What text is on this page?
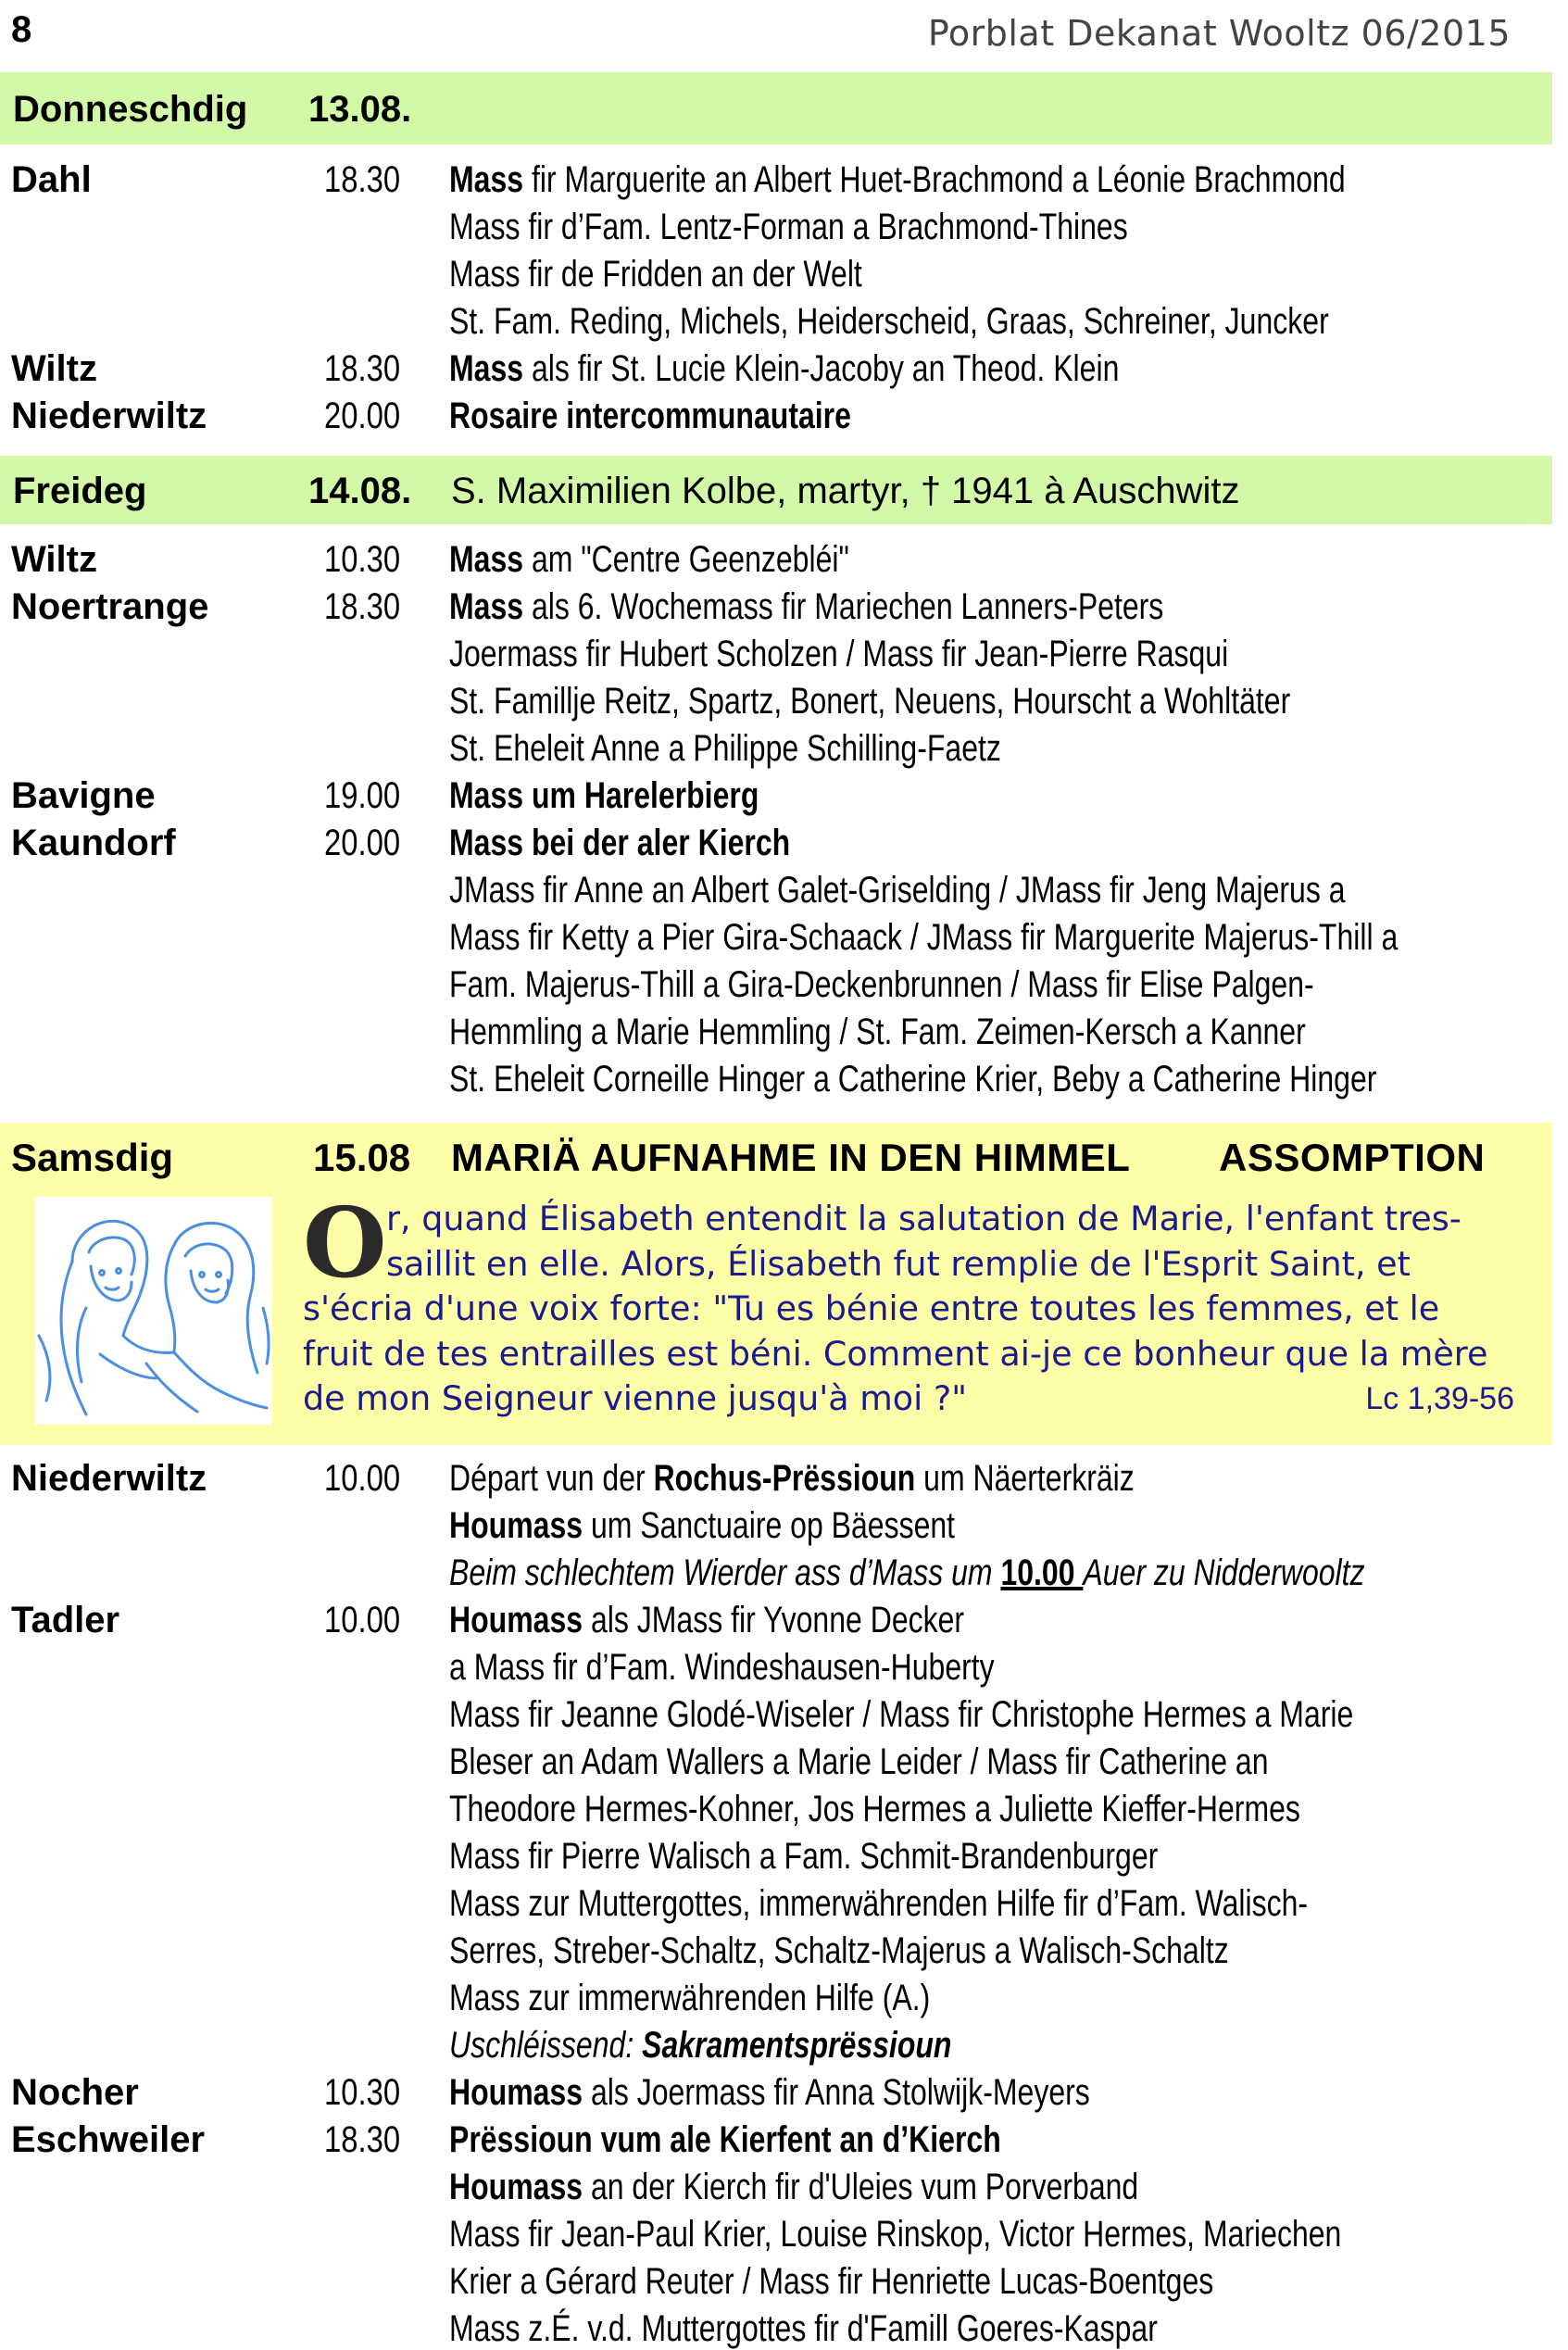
8	Porblat Dekanat Wooltz 06/2015
Donneschdig 13.08.
Dahl	18.30 Mass fir Marguerite an Albert Huet-Brachmond a Léonie Brachmond
Mass fir d’Fam. Lentz-Forman a Brachmond-Thines
Mass fir de Fridden an der Welt
St. Fam. Reding, Michels, Heiderscheid, Graas, Schreiner, Juncker
Wiltz	18.30 Mass als fir St. Lucie Klein-Jacoby an Theod. Klein
Niederwiltz	20.00 Rosaire intercommunautaire
Freideg	14.08. S. Maximilien Kolbe, martyr, † 1941 à Auschwitz
Wiltz	10.30 Mass am "Centre Geenzebléi"
Noertrange	18.30 Mass als 6. Wochemass fir Mariechen Lanners-Peters
Joermass fir Hubert Scholzen / Mass fir Jean-Pierre Rasqui
St. Famillje Reitz, Spartz, Bonert, Neuens, Hourscht a Wohltäter
St. Eheleit Anne a Philippe Schilling-Faetz
Bavigne	19.00 Mass um Harelerbierg
Kaundorf	20.00 Mass bei der aler Kierch
JMass fir Anne an Albert Galet-Griselding / JMass fir Jeng Majerus a
Mass fir Ketty a Pier Gira-Schaack / JMass fir Marguerite Majerus-Thill a
Fam. Majerus-Thill a Gira-Deckenbrunnen / Mass fir Elise Palgen-
Hemmling a Marie Hemmling / St. Fam. Zeimen-Kersch a Kanner
St. Eheleit Corneille Hinger a Catherine Krier, Beby a Catherine Hinger
Samsdig	15.08 MARIÄ AUFNAHME IN DEN HIMMEL ASSOMPTION
O r, quand Élisabeth entendit la salutation de Marie, l'enfant tres-
saillit en elle. Alors, Élisabeth fut remplie de l'Esprit Saint, et
s'écria d'une voix forte: "Tu es bénie entre toutes les femmes, et le
fruit de tes entrailles est béni. Comment ai-je ce bonheur que la mère
de mon Seigneur vienne jusqu'à moi ?"	Lc 1,39-56
Niederwiltz	10.00 Départ vun der Rochus-Prëssioun um Näerterkräiz
Houmass um Sanctuaire op Bäessent
Beim schlechtem Wierder ass d’Mass um 10.00 Auer zu Nidderwooltz
Tadler	10.00 Houmass als JMass fir Yvonne Decker
a Mass fir d’Fam. Windeshausen-Huberty
Mass fir Jeanne Glodé-Wiseler / Mass fir Christophe Hermes a Marie
Bleser an Adam Wallers a Marie Leider / Mass fir Catherine an
Theodore Hermes-Kohner, Jos Hermes a Juliette Kieffer-Hermes
Mass fir Pierre Walisch a Fam. Schmit-Brandenburger
Mass zur Muttergottes, immerwährenden Hilfe fir d’Fam. Walisch-
Serres, Streber-Schaltz, Schaltz-Majerus a Walisch-Schaltz
Mass zur immerwährenden Hilfe (A.)
Uschléissend: Sakramentsprëssioun
Nocher	10.30 Houmass als Joermass fir Anna Stolwijk-Meyers
Eschweiler	18.30 Prëssioun vum ale Kierfent an d’Kierch
Houmass an der Kierch fir d'Uleies vum Porverband
Mass fir Jean-Paul Krier, Louise Rinskop, Victor Hermes, Mariechen
Krier a Gérard Reuter / Mass fir Henriette Lucas-Boentges
Mass z.É. v.d. Muttergottes fir d'Famill Goeres-Kaspar
